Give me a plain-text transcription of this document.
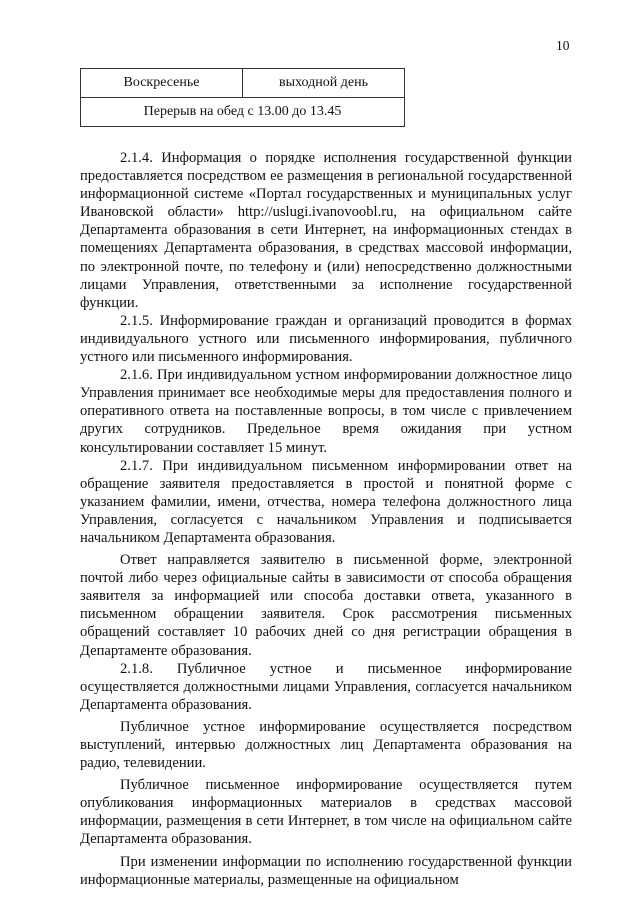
10
Воскресенье	выходной день
Перерыв на обед с 13.00 до 13.45

2.1.4. Информация о порядке исполнения государственной функции предоставляется посредством ее размещения в региональной государственной информационной системе «Портал государственных и муниципальных услуг Ивановской области» http://uslugi.ivanovoobl.ru, на официальном сайте Департамента образования в сети Интернет, на информационных стендах в помещениях Департамента образования, в средствах массовой информации, по электронной почте, по телефону и (или) непосредственно должностными лицами Управления, ответственными за исполнение государственной функции.

2.1.5. Информирование граждан и организаций проводится в формах индивидуального устного или письменного информирования, публичного устного или письменного информирования.

2.1.6. При индивидуальном устном информировании должностное лицо Управления принимает все необходимые меры для предоставления полного и оперативного ответа на поставленные вопросы, в том числе с привлечением других сотрудников. Предельное время ожидания при устном консультировании составляет 15 минут.

2.1.7. При индивидуальном письменном информировании ответ на обращение заявителя предоставляется в простой и понятной форме с указанием фамилии, имени, отчества, номера телефона должностного лица Управления, согласуется с начальником Управления и подписывается начальником Департамента образования.

Ответ направляется заявителю в письменной форме, электронной почтой либо через официальные сайты в зависимости от способа обращения заявителя за информацией или способа доставки ответа, указанного в письменном обращении заявителя. Срок рассмотрения письменных обращений составляет 10 рабочих дней со дня регистрации обращения в Департаменте образования.

2.1.8. Публичное устное и письменное информирование осуществляется должностными лицами Управления, согласуется начальником Департамента образования.

Публичное устное информирование осуществляется посредством выступлений, интервью должностных лиц Департамента образования на радио, телевидении.

Публичное письменное информирование осуществляется путем опубликования информационных материалов в средствах массовой информации, размещения в сети Интернет, в том числе на официальном сайте Департамента образования.

При изменении информации по исполнению государственной функции информационные материалы, размещенные на официальном
